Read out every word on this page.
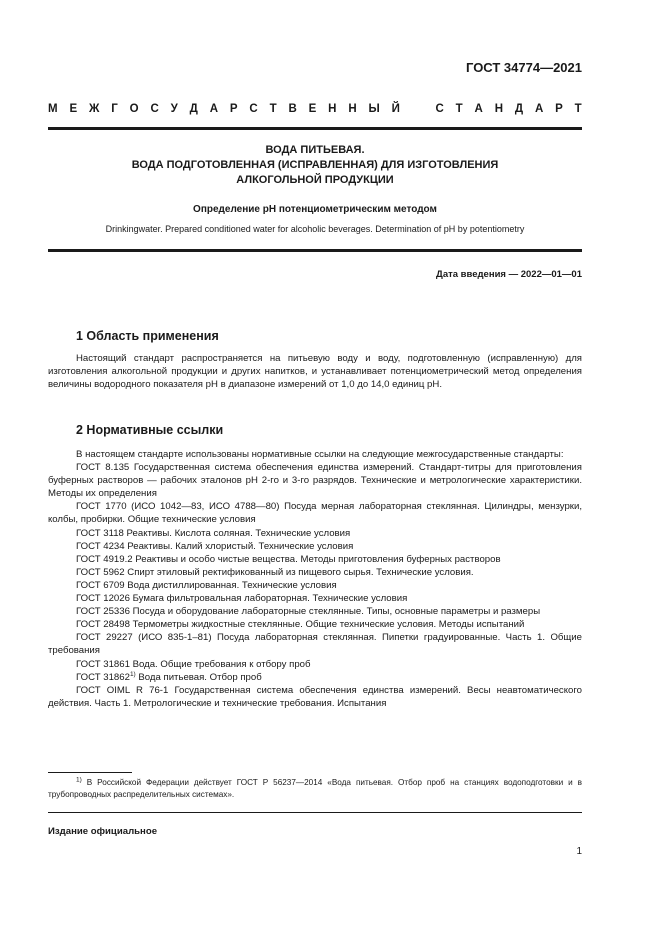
ГОСТ 34774—2021
М Е Ж Г О С У Д А Р С Т В Е Н Н Ы Й	С Т А Н Д А Р Т
ВОДА ПИТЬЕВАЯ.
ВОДА ПОДГОТОВЛЕННАЯ (ИСПРАВЛЕННАЯ) ДЛЯ ИЗГОТОВЛЕНИЯ
АЛКОГОЛЬНОЙ ПРОДУКЦИИ
Определение pH потенциометрическим методом
Drinkingwater. Prepared conditioned water for alcoholic beverages. Determination of pH by potentiometry
Дата введения — 2022—01—01
1 Область применения

Настоящий стандарт распространяется на питьевую воду и воду, подготовленную (исправленную) для изготовления алкогольной продукции и других напитков, и устанавливает потенциометрический метод определения величины водородного показателя pH в диапазоне измерений от 1,0 до 14,0 единиц pH.

2 Нормативные ссылки

В настоящем стандарте использованы нормативные ссылки на следующие межгосударственные стандарты:

ГОСТ 8.135 Государственная система обеспечения единства измерений. Стандарт-титры для приготовления буферных растворов — рабочих эталонов pH 2-го и 3-го разрядов. Технические и метрологические характеристики. Методы их определения

ГОСТ 1770 (ИСО 1042—83, ИСО 4788—80) Посуда мерная лабораторная стеклянная. Цилиндры, мензурки, колбы, пробирки. Общие технические условия

ГОСТ 3118 Реактивы. Кислота соляная. Технические условия

ГОСТ 4234 Реактивы. Калий хлористый. Технические условия

ГОСТ 4919.2 Реактивы и особо чистые вещества. Методы приготовления буферных растворов

ГОСТ 5962 Спирт этиловый ректификованный из пищевого сырья. Технические условия.

ГОСТ 6709 Вода дистиллированная. Технические условия

ГОСТ 12026 Бумага фильтровальная лабораторная. Технические условия

ГОСТ 25336 Посуда и оборудование лабораторные стеклянные. Типы, основные параметры и размеры

ГОСТ 28498 Термометры жидкостные стеклянные. Общие технические условия. Методы испытаний

ГОСТ 29227 (ИСО 835-1–81) Посуда лабораторная стеклянная. Пипетки градуированные. Часть 1. Общие требования

ГОСТ 31861 Вода. Общие требования к отбору проб

ГОСТ 31862$^{1)}$ Вода питьевая. Отбор проб

ГОСТ OIML R 76-1 Государственная система обеспечения единства измерений. Весы неавтоматического действия. Часть 1. Метрологические и технические требования. Испытания

$^{1)}$ В Российской Федерации действует ГОСТ Р 56237—2014 «Вода питьевая. Отбор проб на станциях водоподготовки и в трубопроводных распределительных системах».

Издание официальное
1
